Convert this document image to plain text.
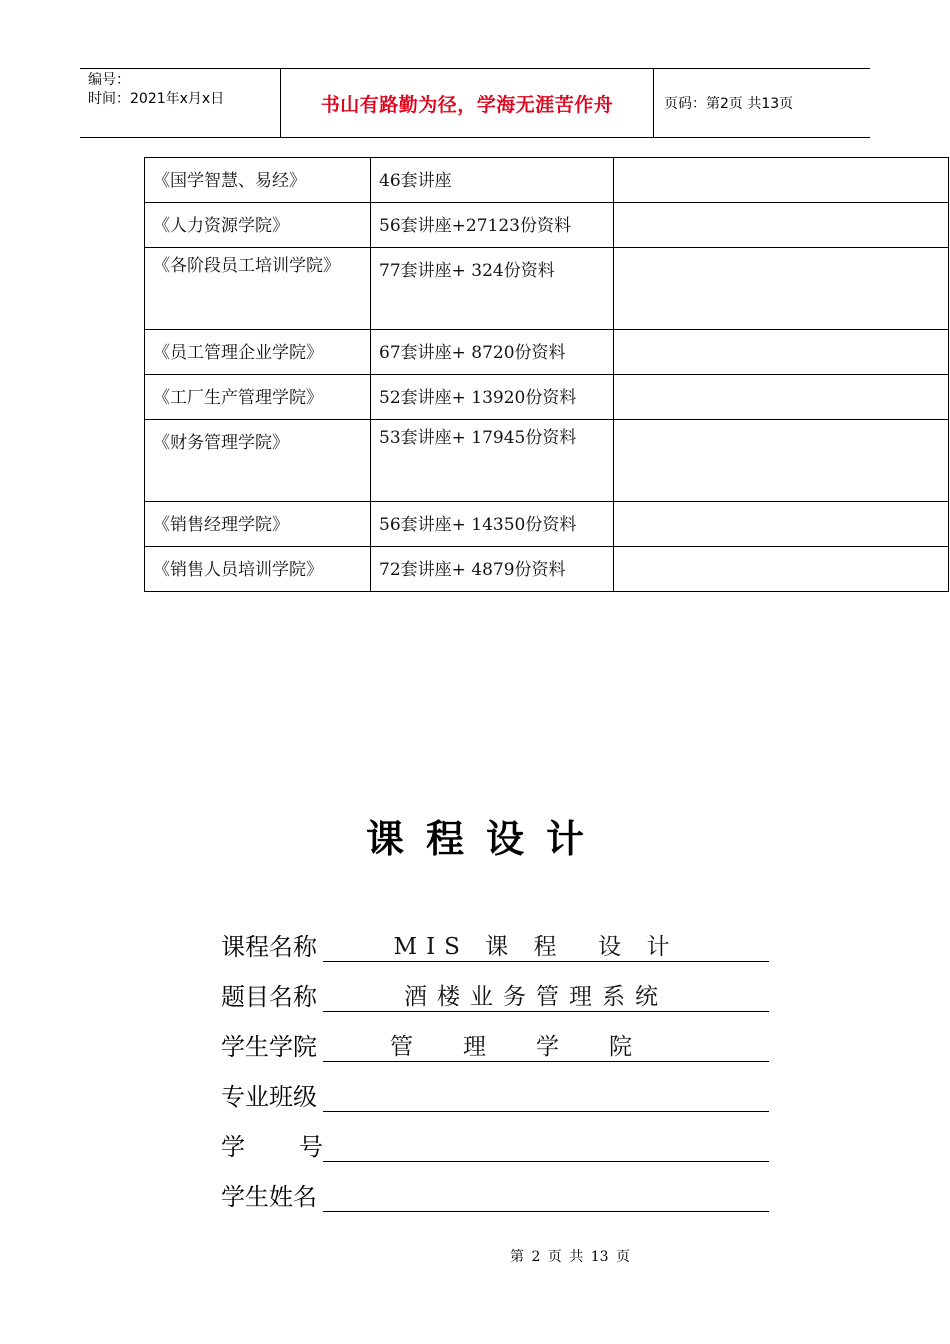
编号：
时间：2021年x月x日	书山有路勤为径，学海无涯苦作舟	页码：第2页 共13页
《国学智慧、易经》	46套讲座	
《人力资源学院》	56套讲座+27123份资料	

《各阶段员工培训学院》	77套讲座+ 324份资料	
《员工管理企业学院》	67套讲座+ 8720份资料	
《工厂生产管理学院》	52套讲座+ 13920份资料	
《财务管理学院》	53套讲座+ 17945份资料	

《销售经理学院》	56套讲座+ 14350份资料	
《销售人员培训学院》	72套讲座+ 4879份资料	
课程设计
课程名称	MIS 课 程  设 计
题目名称	酒楼业务管理系统
学生学院	管理学院
专业班级
学 号
学生姓名
第 2 页 共 13 页
